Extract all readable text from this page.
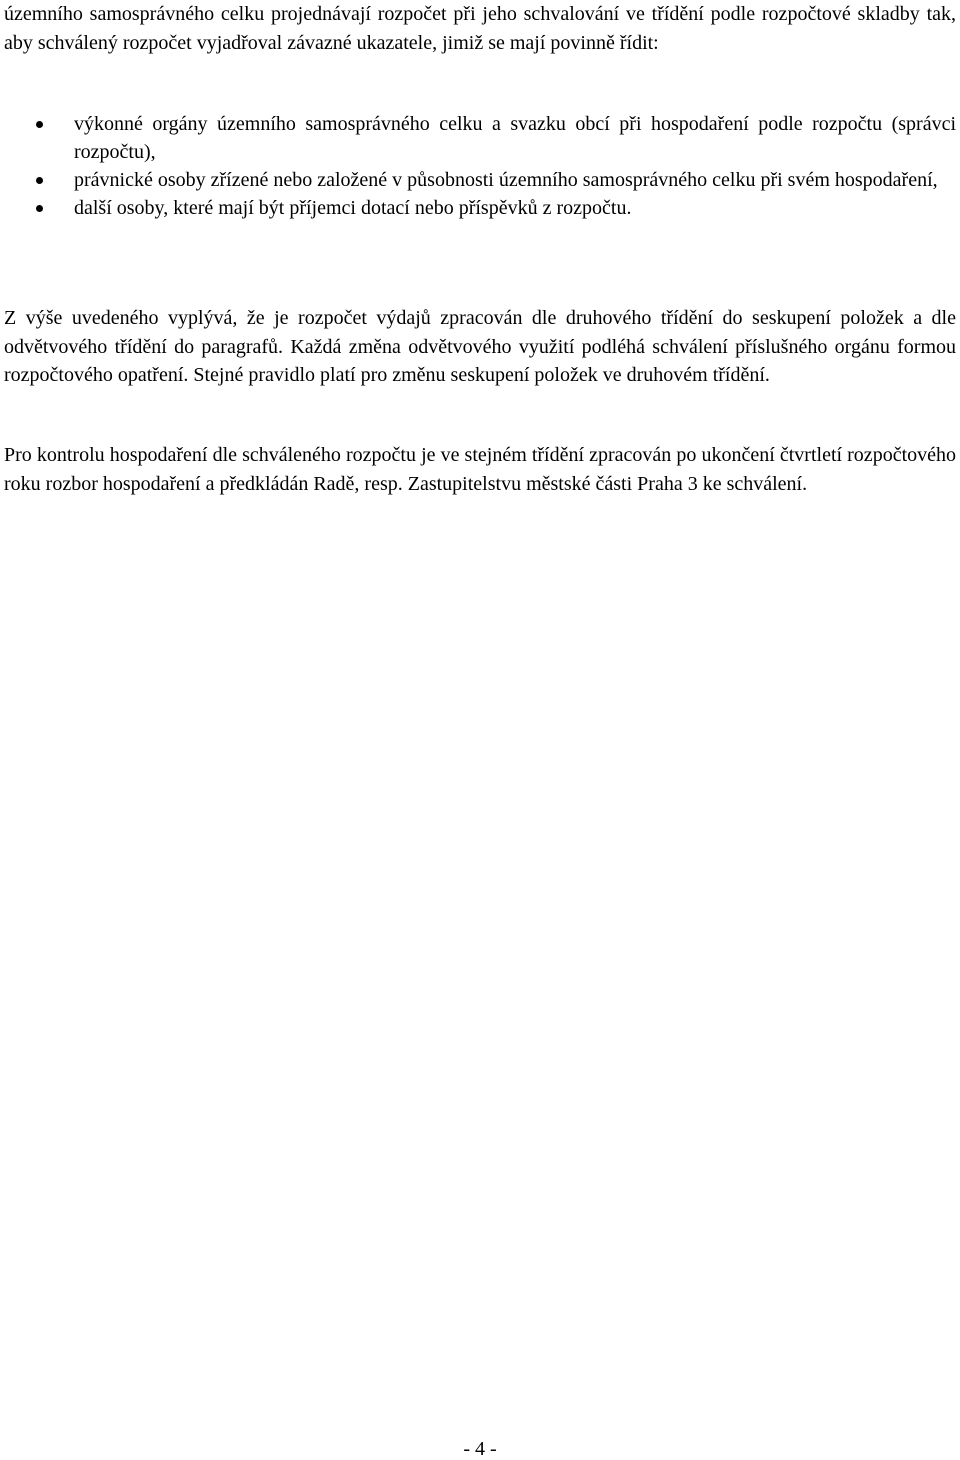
územního samosprávného celku projednávají rozpočet při jeho schvalování ve třídění podle rozpočtové skladby tak, aby schválený rozpočet vyjadřoval závazné ukazatele, jimiž se mají povinně řídit:

výkonné orgány územního samosprávného celku a svazku obcí při hospodaření podle rozpočtu (správci rozpočtu),
právnické osoby zřízené nebo založené v působnosti územního samosprávného celku při svém hospodaření,
další osoby, které mají být příjemci dotací nebo příspěvků z rozpočtu.

Z výše uvedeného vyplývá, že je rozpočet výdajů zpracován dle druhového třídění do seskupení položek a dle odvětvového třídění do paragrafů. Každá změna odvětvového využití podléhá schválení příslušného orgánu formou rozpočtového opatření. Stejné pravidlo platí pro změnu seskupení položek ve druhovém třídění.

Pro kontrolu hospodaření dle schváleného rozpočtu je ve stejném třídění zpracován po ukončení čtvrtletí rozpočtového roku rozbor hospodaření a předkládán Radě, resp. Zastupitelstvu městské části Praha 3 ke schválení.

- 4 -
